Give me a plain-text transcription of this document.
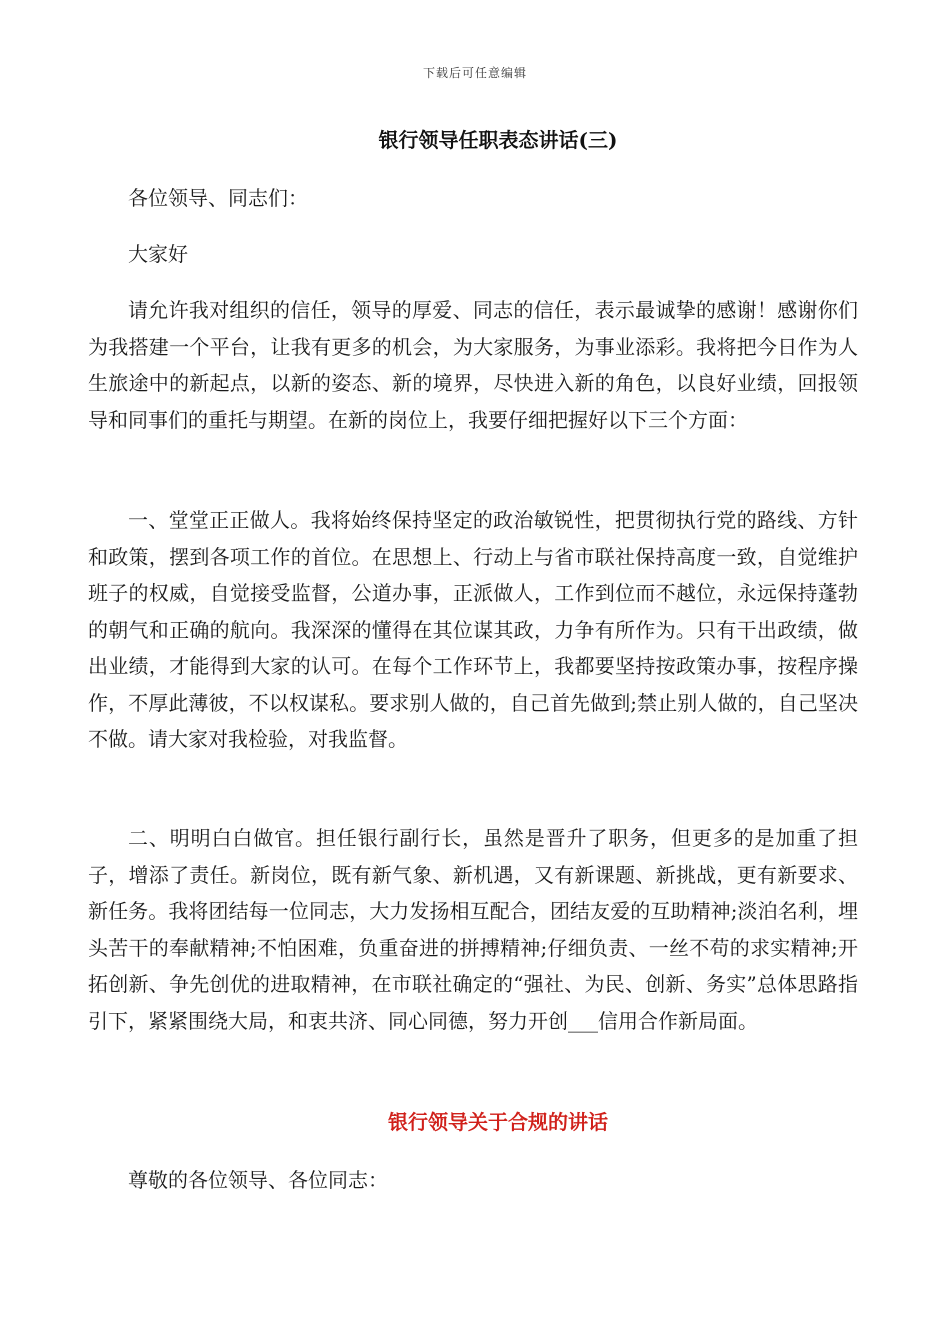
下载后可任意编辑
银行领导任职表态讲话(三)

各位领导、同志们：

大家好

请允许我对组织的信任，领导的厚爱、同志的信任，表示最诚挚的感谢！感谢你们为我搭建一个平台，让我有更多的机会，为大家服务，为事业添彩。我将把今日作为人生旅途中的新起点，以新的姿态、新的境界，尽快进入新的角色，以良好业绩，回报领导和同事们的重托与期望。在新的岗位上，我要仔细把握好以下三个方面：

一、堂堂正正做人。我将始终保持坚定的政治敏锐性，把贯彻执行党的路线、方针和政策，摆到各项工作的首位。在思想上、行动上与省市联社保持高度一致，自觉维护班子的权威，自觉接受监督，公道办事，正派做人，工作到位而不越位，永远保持蓬勃的朝气和正确的航向。我深深的懂得在其位谋其政，力争有所作为。只有干出政绩，做出业绩，才能得到大家的认可。在每个工作环节上，我都要坚持按政策办事，按程序操作，不厚此薄彼，不以权谋私。要求别人做的，自己首先做到;禁止别人做的，自己坚决不做。请大家对我检验，对我监督。

二、明明白白做官。担任银行副行长，虽然是晋升了职务，但更多的是加重了担子，增添了责任。新岗位，既有新气象、新机遇，又有新课题、新挑战，更有新要求、新任务。我将团结每一位同志，大力发扬相互配合，团结友爱的互助精神;淡泊名利，埋头苦干的奉献精神;不怕困难，负重奋进的拼搏精神;仔细负责、一丝不苟的求实精神;开拓创新、争先创优的进取精神，在市联社确定的“强社、为民、创新、务实”总体思路指引下，紧紧围绕大局，和衷共济、同心同德，努力开创___信用合作新局面。

银行领导关于合规的讲话

尊敬的各位领导、各位同志：
